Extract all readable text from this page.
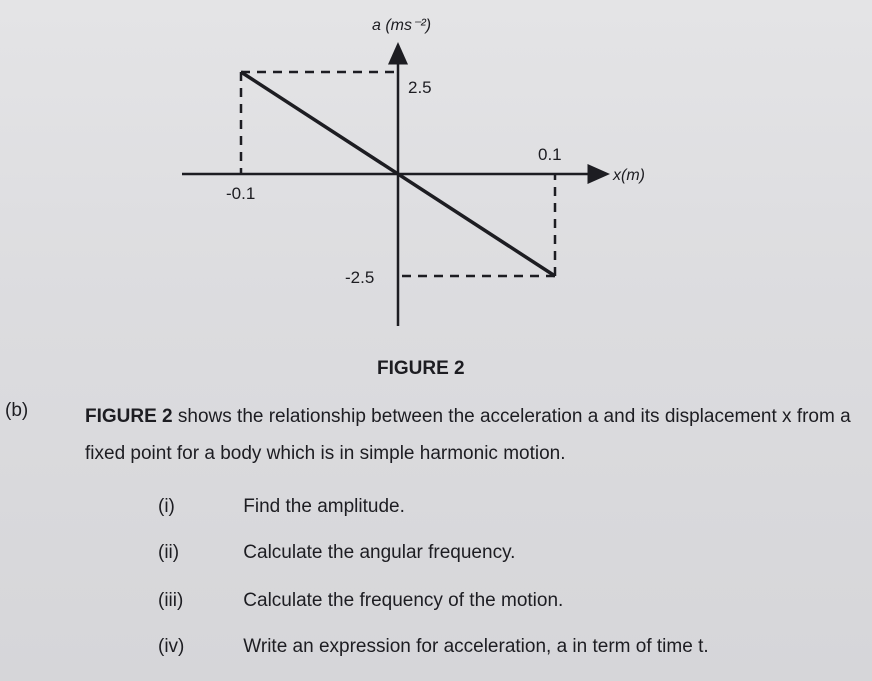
-0.1
0.1
2.5
-2.5
a (ms⁻²)
x(m)
FIGURE 2
(b)	FIGURE 2 shows the relationship between the acceleration a and its displacement x from a fixed point for a body which is in simple harmonic motion.
(i)	Find the amplitude.
(ii)	Calculate the angular frequency.
(iii)	Calculate the frequency of the motion.
(iv)	Write an expression for acceleration, a in term of time t.
